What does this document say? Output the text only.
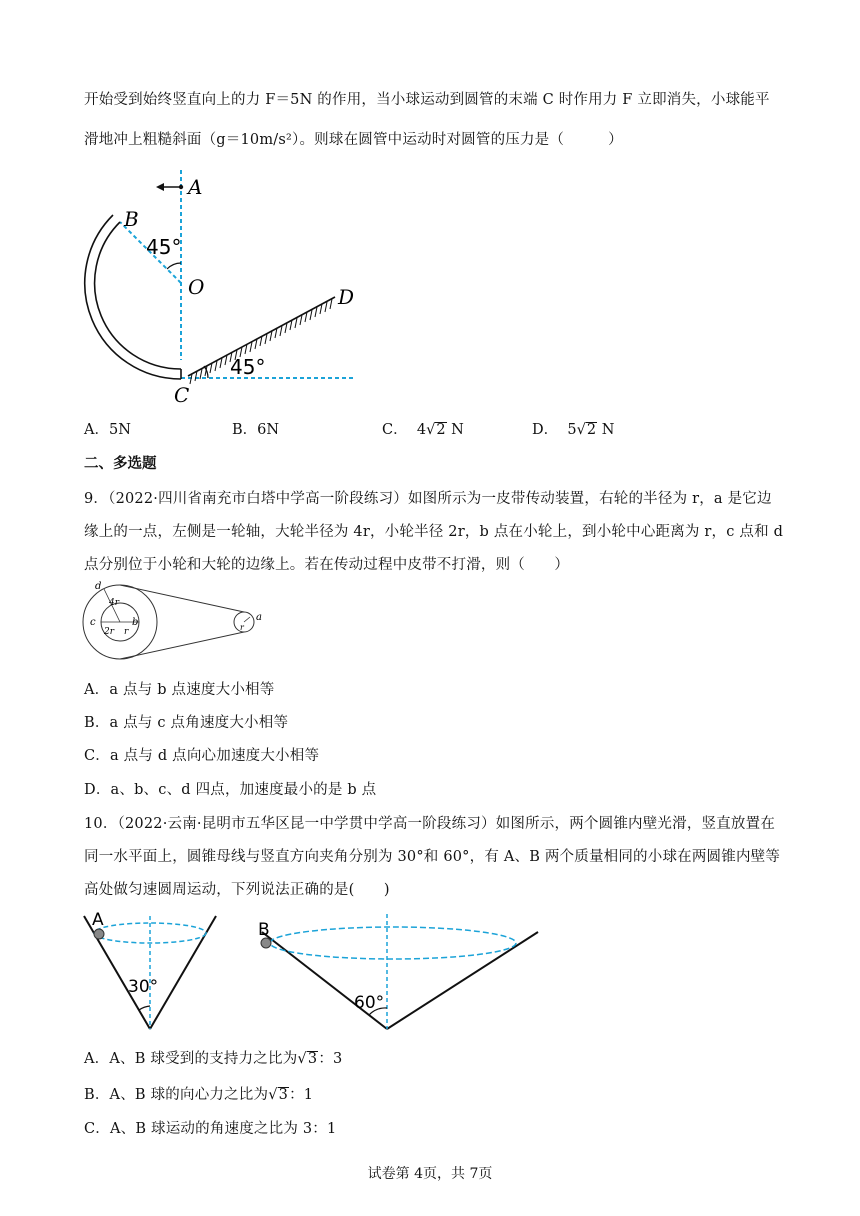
开始受到始终竖直向上的力 F＝5N 的作用，当小球运动到圆管的末端 C 时作用力 F 立即消失，小球能平
滑地冲上粗糙斜面（g＝10m/s²）。则球在圆管中运动时对圆管的压力是（　　　）
A
B
O
C
D
45°
45°
A．5N	B．6N	C． 4√2 N	D． 5√2 N
二、多选题
9．（2022·四川省南充市白塔中学高一阶段练习）如图所示为一皮带传动装置，右轮的半径为 r，a 是它边
缘上的一点，左侧是一轮轴，大轮半径为 4r，小轮半径 2r，b 点在小轮上，到小轮中心距离为 r，c 点和 d
点分别位于小轮和大轮的边缘上。若在传动过程中皮带不打滑，则（　　）
d
c	b	a
4r
2r r	r
A．a 点与 b 点速度大小相等
B．a 点与 c 点角速度大小相等
C．a 点与 d 点向心加速度大小相等
D．a、b、c、d 四点，加速度最小的是 b 点
10．（2022·云南·昆明市五华区昆一中学贯中学高一阶段练习）如图所示，两个圆锥内壁光滑，竖直放置在
同一水平面上，圆锥母线与竖直方向夹角分别为 30°和 60°，有 A、B 两个质量相同的小球在两圆锥内壁等
高处做匀速圆周运动，下列说法正确的是(　　)
A
30°
B
60°
A．A、B 球受到的支持力之比为√3：3
B．A、B 球的向心力之比为√3：1
C．A、B 球运动的角速度之比为 3：1
试卷第 4页，共 7页
